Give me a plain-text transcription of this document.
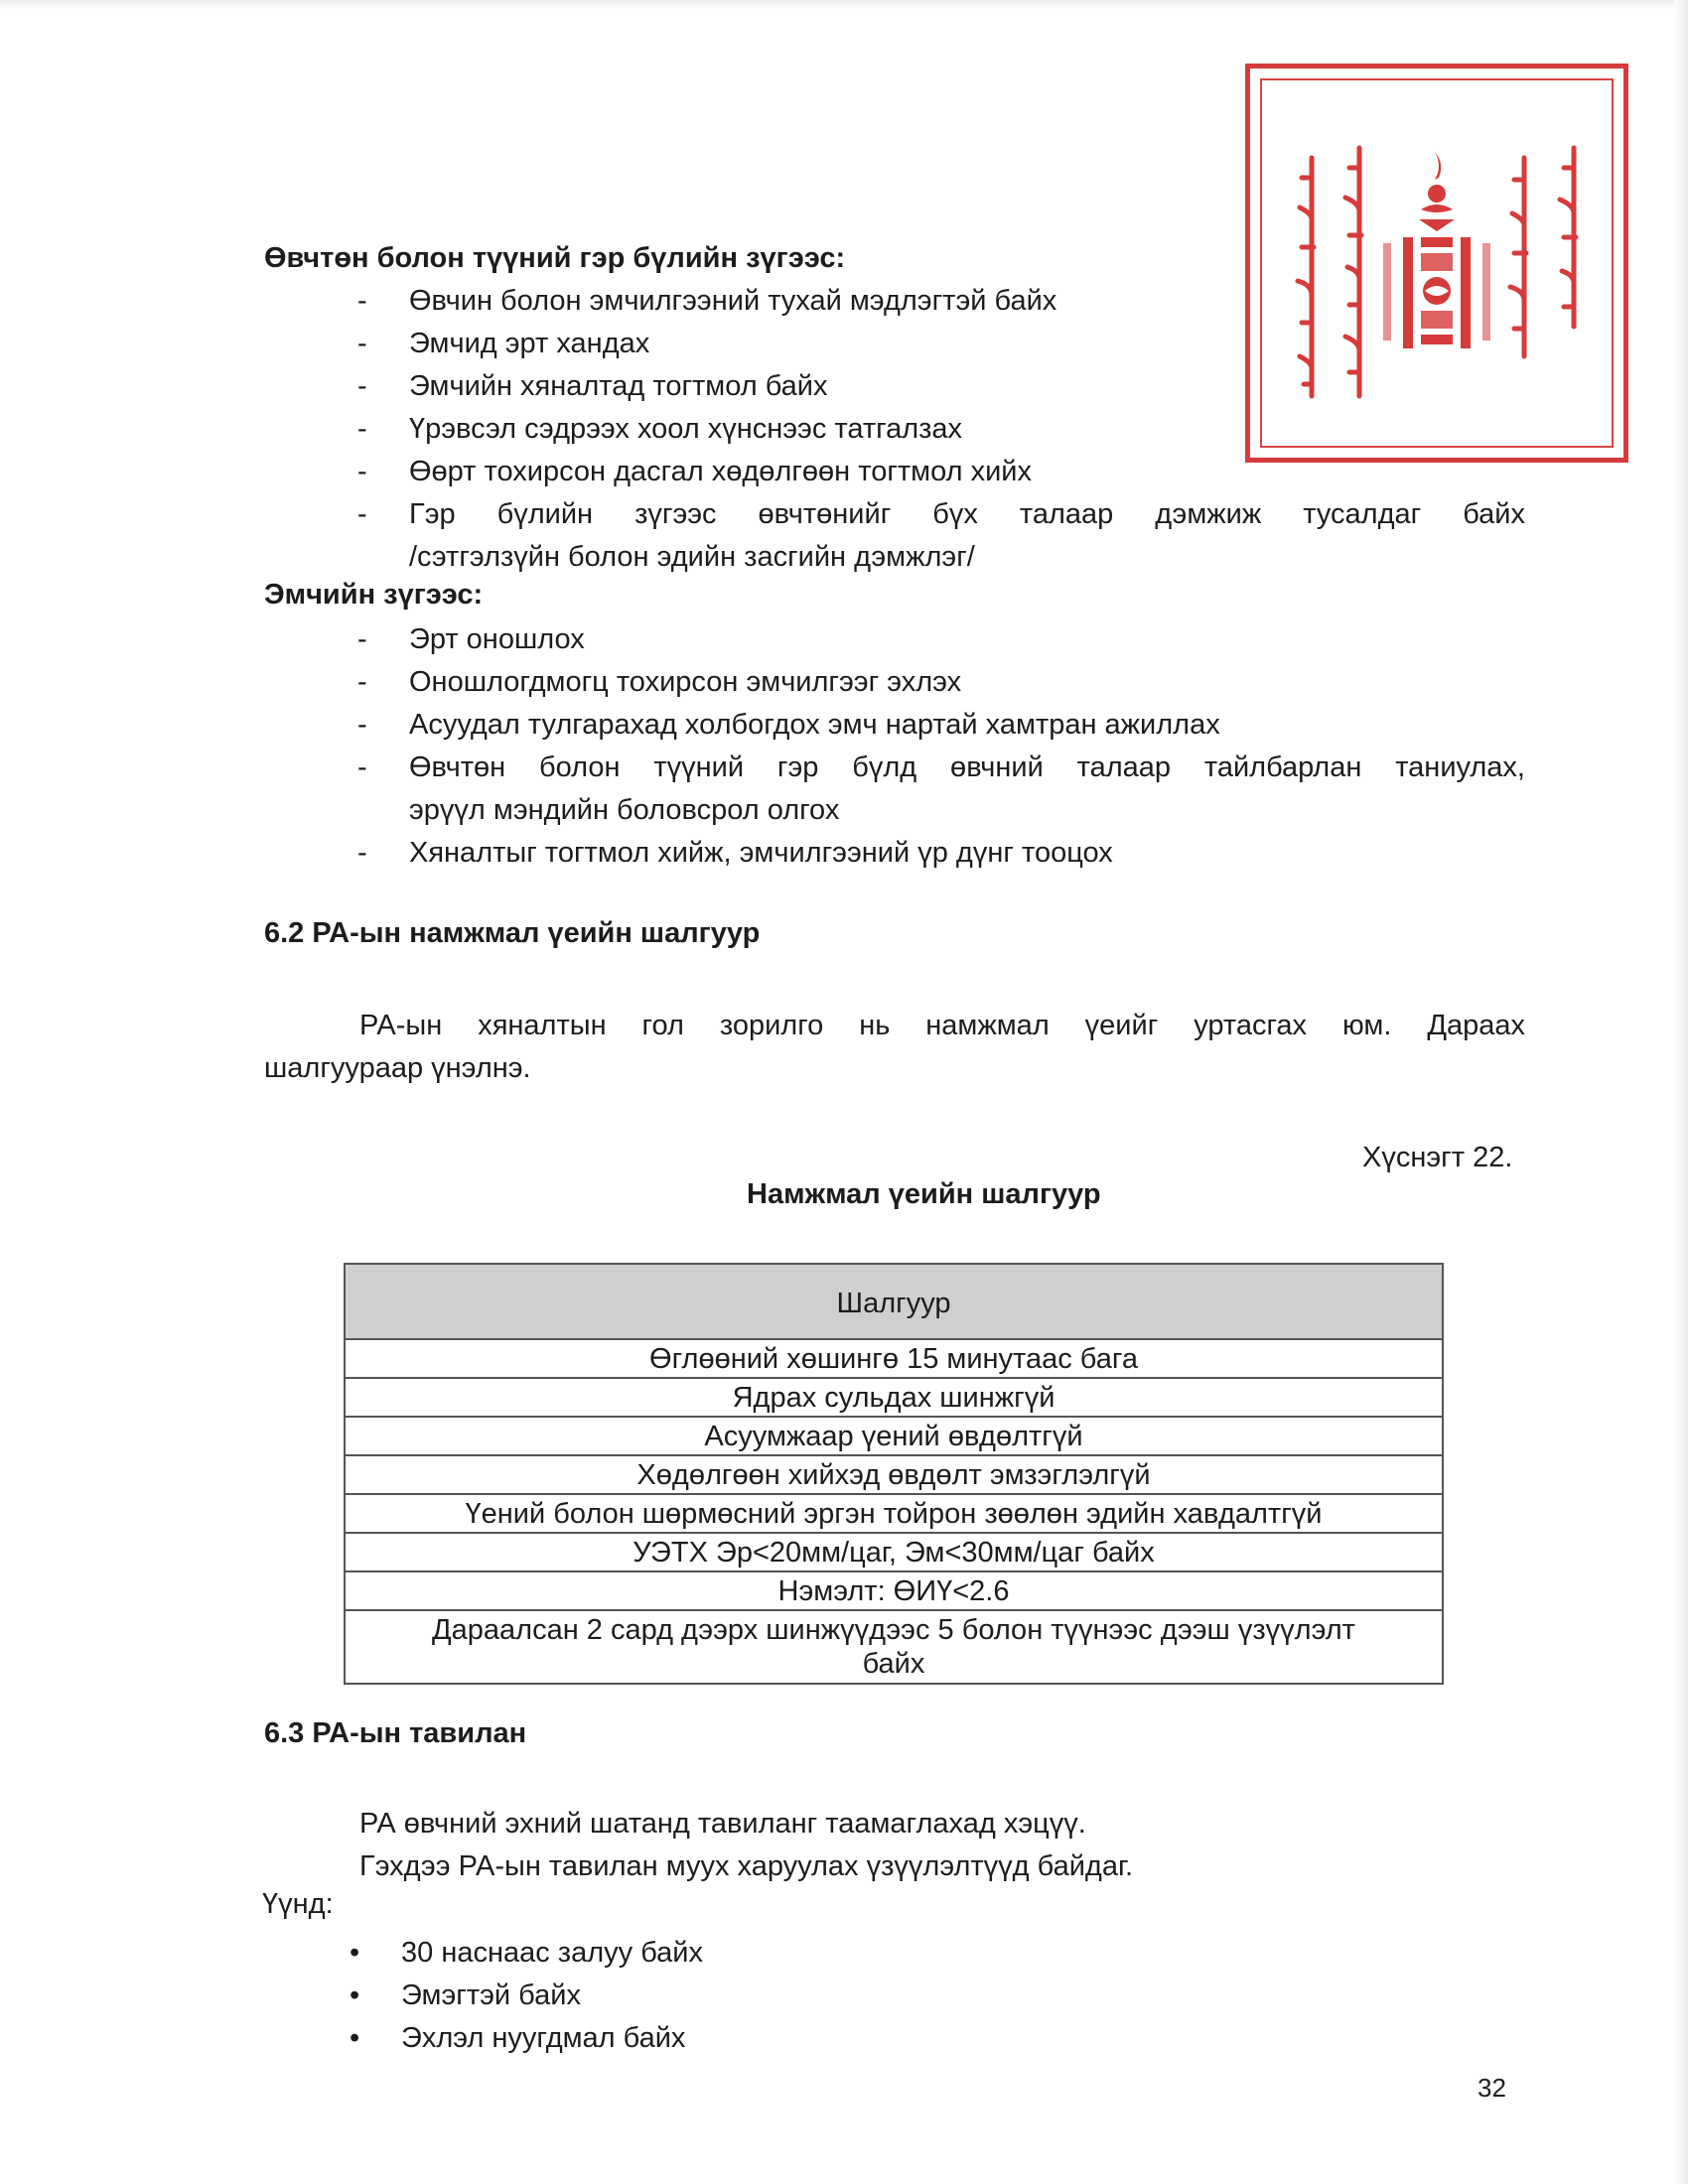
Өвчтөн болон түүний гэр бүлийн зүгээс:
-	Өвчин болон эмчилгээний тухай мэдлэгтэй байх
-	Эмчид эрт хандах
-	Эмчийн хяналтад тогтмол байх
-	Үрэвсэл сэдрээх хоол хүнснээс татгалзах
-	Өөрт тохирсон дасгал хөдөлгөөн тогтмол хийх
-	Гэр бүлийн зүгээс өвчтөнийг бүх талаар дэмжиж тусалдаг байх
/сэтгэлзүйн болон эдийн засгийн дэмжлэг/
Эмчийн зүгээс:
-	Эрт оношлох
-	Оношлогдмогц тохирсон эмчилгээг эхлэх
-	Асуудал тулгарахад холбогдох эмч нартай хамтран ажиллах
-	Өвчтөн болон түүний гэр бүлд өвчний талаар тайлбарлан таниулах,
эрүүл мэндийн боловсрол олгох
-	Хяналтыг тогтмол хийж, эмчилгээний үр дүнг тооцох
6.2 РА-ын намжмал үеийн шалгуур

РА-ын хяналтын гол зорилго нь намжмал үеийг уртасгах юм. Дараах

шалгуураар үнэлнэ.

Хүснэгт 22.

Намжмал үеийн шалгуур

Шалгуур
Өглөөний хөшингө 15 минутаас бага
Ядрах сульдах шинжгүй
Асуумжаар үений өвдөлтгүй
Хөдөлгөөн хийхэд өвдөлт эмзэглэлгүй
Үений болон шөрмөсний эргэн тойрон зөөлөн эдийн хавдалтгүй
УЭТХ Эр<20мм/цаг, Эм<30мм/цаг байх
Нэмэлт: ӨИҮ<2.6
Дараалсан 2 сард дээрх шинжүүдээс 5 болон түүнээс дээш үзүүлэлт байх
6.3 РА-ын тавилан

РА өвчний эхний шатанд тавиланг таамаглахад хэцүү.

Гэхдээ РА-ын тавилан муух харуулах үзүүлэлтүүд байдаг.

Үүнд:

•	30 наснаас залуу байх
•	Эмэгтэй байх
•	Эхлэл нуугдмал байх
32
